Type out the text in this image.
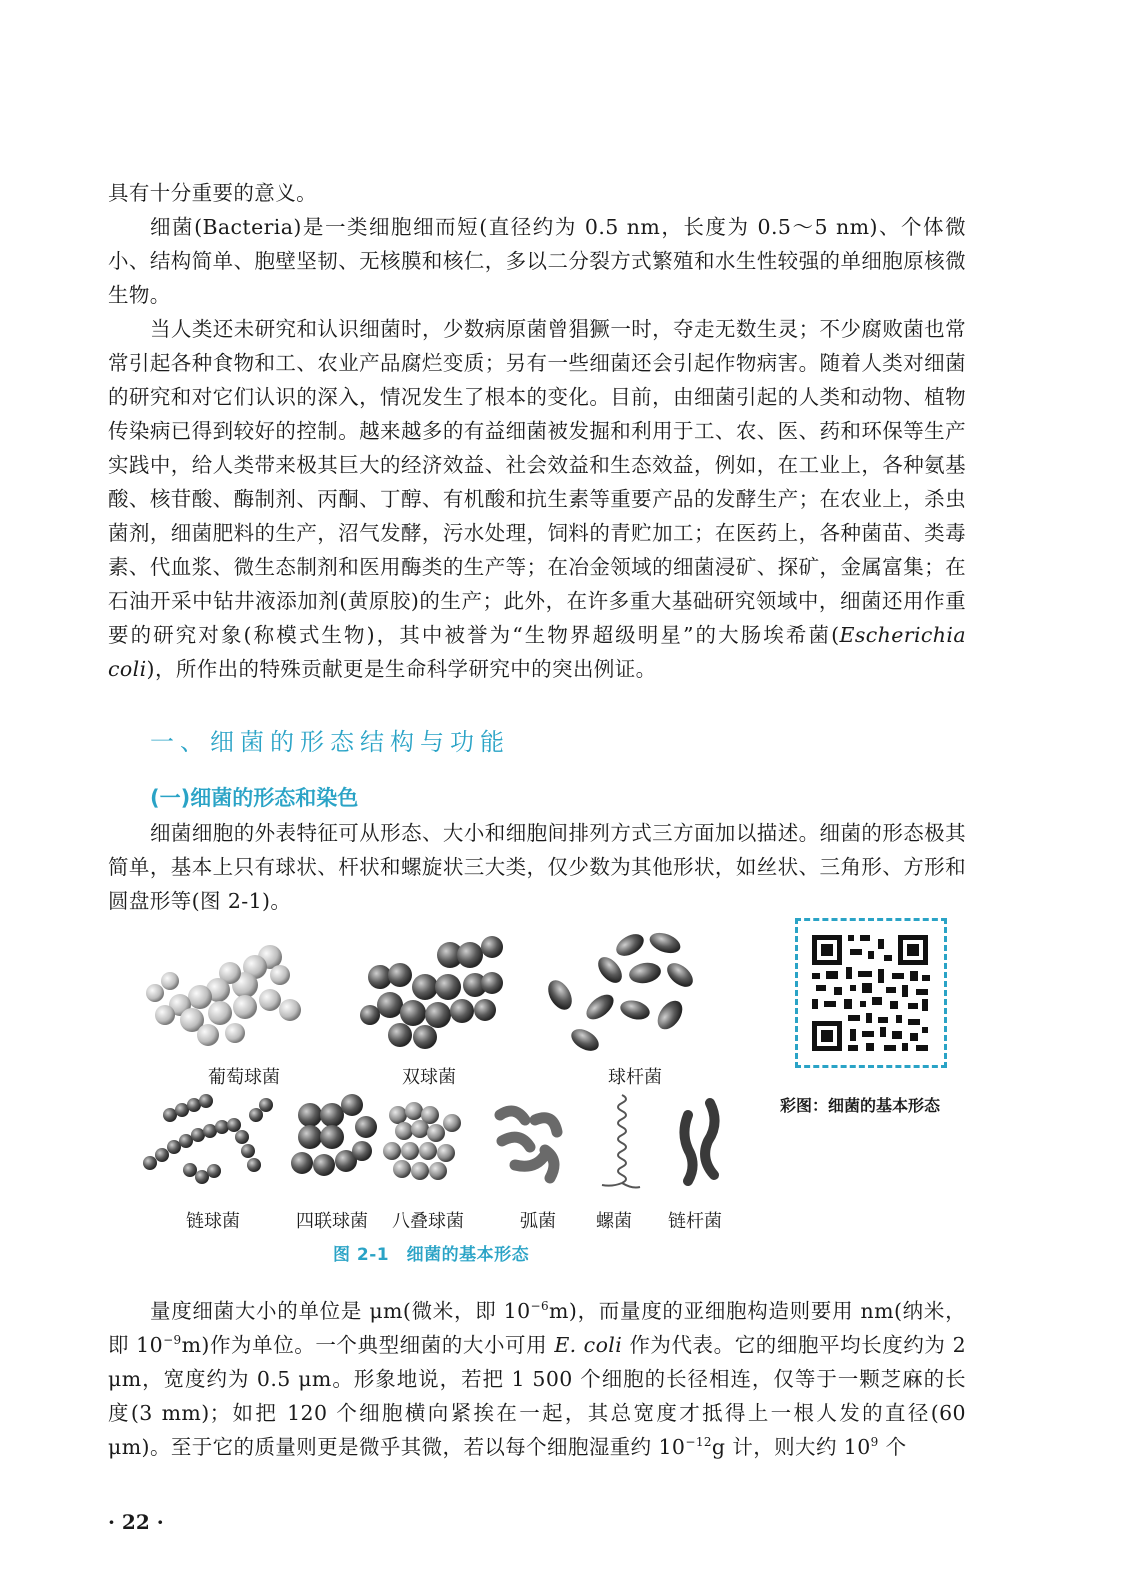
具有十分重要的意义。

细菌(Bacteria)是一类细胞细而短(直径约为 0.5 nm，长度为 0.5～5 nm)、个体微小、结构简单、胞壁坚韧、无核膜和核仁，多以二分裂方式繁殖和水生性较强的单细胞原核微生物。

当人类还未研究和认识细菌时，少数病原菌曾猖獗一时，夺走无数生灵；不少腐败菌也常常引起各种食物和工、农业产品腐烂变质；另有一些细菌还会引起作物病害。随着人类对细菌的研究和对它们认识的深入，情况发生了根本的变化。目前，由细菌引起的人类和动物、植物传染病已得到较好的控制。越来越多的有益细菌被发掘和利用于工、农、医、药和环保等生产实践中，给人类带来极其巨大的经济效益、社会效益和生态效益，例如，在工业上，各种氨基酸、核苷酸、酶制剂、丙酮、丁醇、有机酸和抗生素等重要产品的发酵生产；在农业上，杀虫菌剂，细菌肥料的生产，沼气发酵，污水处理，饲料的青贮加工；在医药上，各种菌苗、类毒素、代血浆、微生态制剂和医用酶类的生产等；在冶金领域的细菌浸矿、探矿，金属富集；在石油开采中钻井液添加剂(黄原胶)的生产；此外，在许多重大基础研究领域中，细菌还用作重要的研究对象(称模式生物)，其中被誉为“生物界超级明星”的大肠埃希菌(Escherichia coli)，所作出的特殊贡献更是生命科学研究中的突出例证。

一、细菌的形态结构与功能
(一)细菌的形态和染色

细菌细胞的外表特征可从形态、大小和细胞间排列方式三方面加以描述。细菌的形态极其简单，基本上只有球状、杆状和螺旋状三大类，仅少数为其他形状，如丝状、三角形、方形和圆盘形等(图 2-1)。

葡萄球菌	双球菌	球杆菌
链球菌	四联球菌 八叠球菌	弧菌 螺菌 链杆菌
图 2-1　细菌的基本形态
彩图：细菌的基本形态

量度细菌大小的单位是 μm(微米，即 $10^{-6}m$)，而量度的亚细胞构造则要用 nm(纳米，即 $10^{-9}m$)作为单位。一个典型细菌的大小可用 E. coli 作为代表。它的细胞平均长度约为 2 μm，宽度约为 0.5 μm。形象地说，若把 1 500 个细胞的长径相连，仅等于一颗芝麻的长度(3 mm)；如把 120 个细胞横向紧挨在一起，其总宽度才抵得上一根人发的直径(60 μm)。至于它的质量则更是微乎其微，若以每个细胞湿重约 $10^{-12}g$ 计，则大约 $10^9$ 个

· 22 ·
